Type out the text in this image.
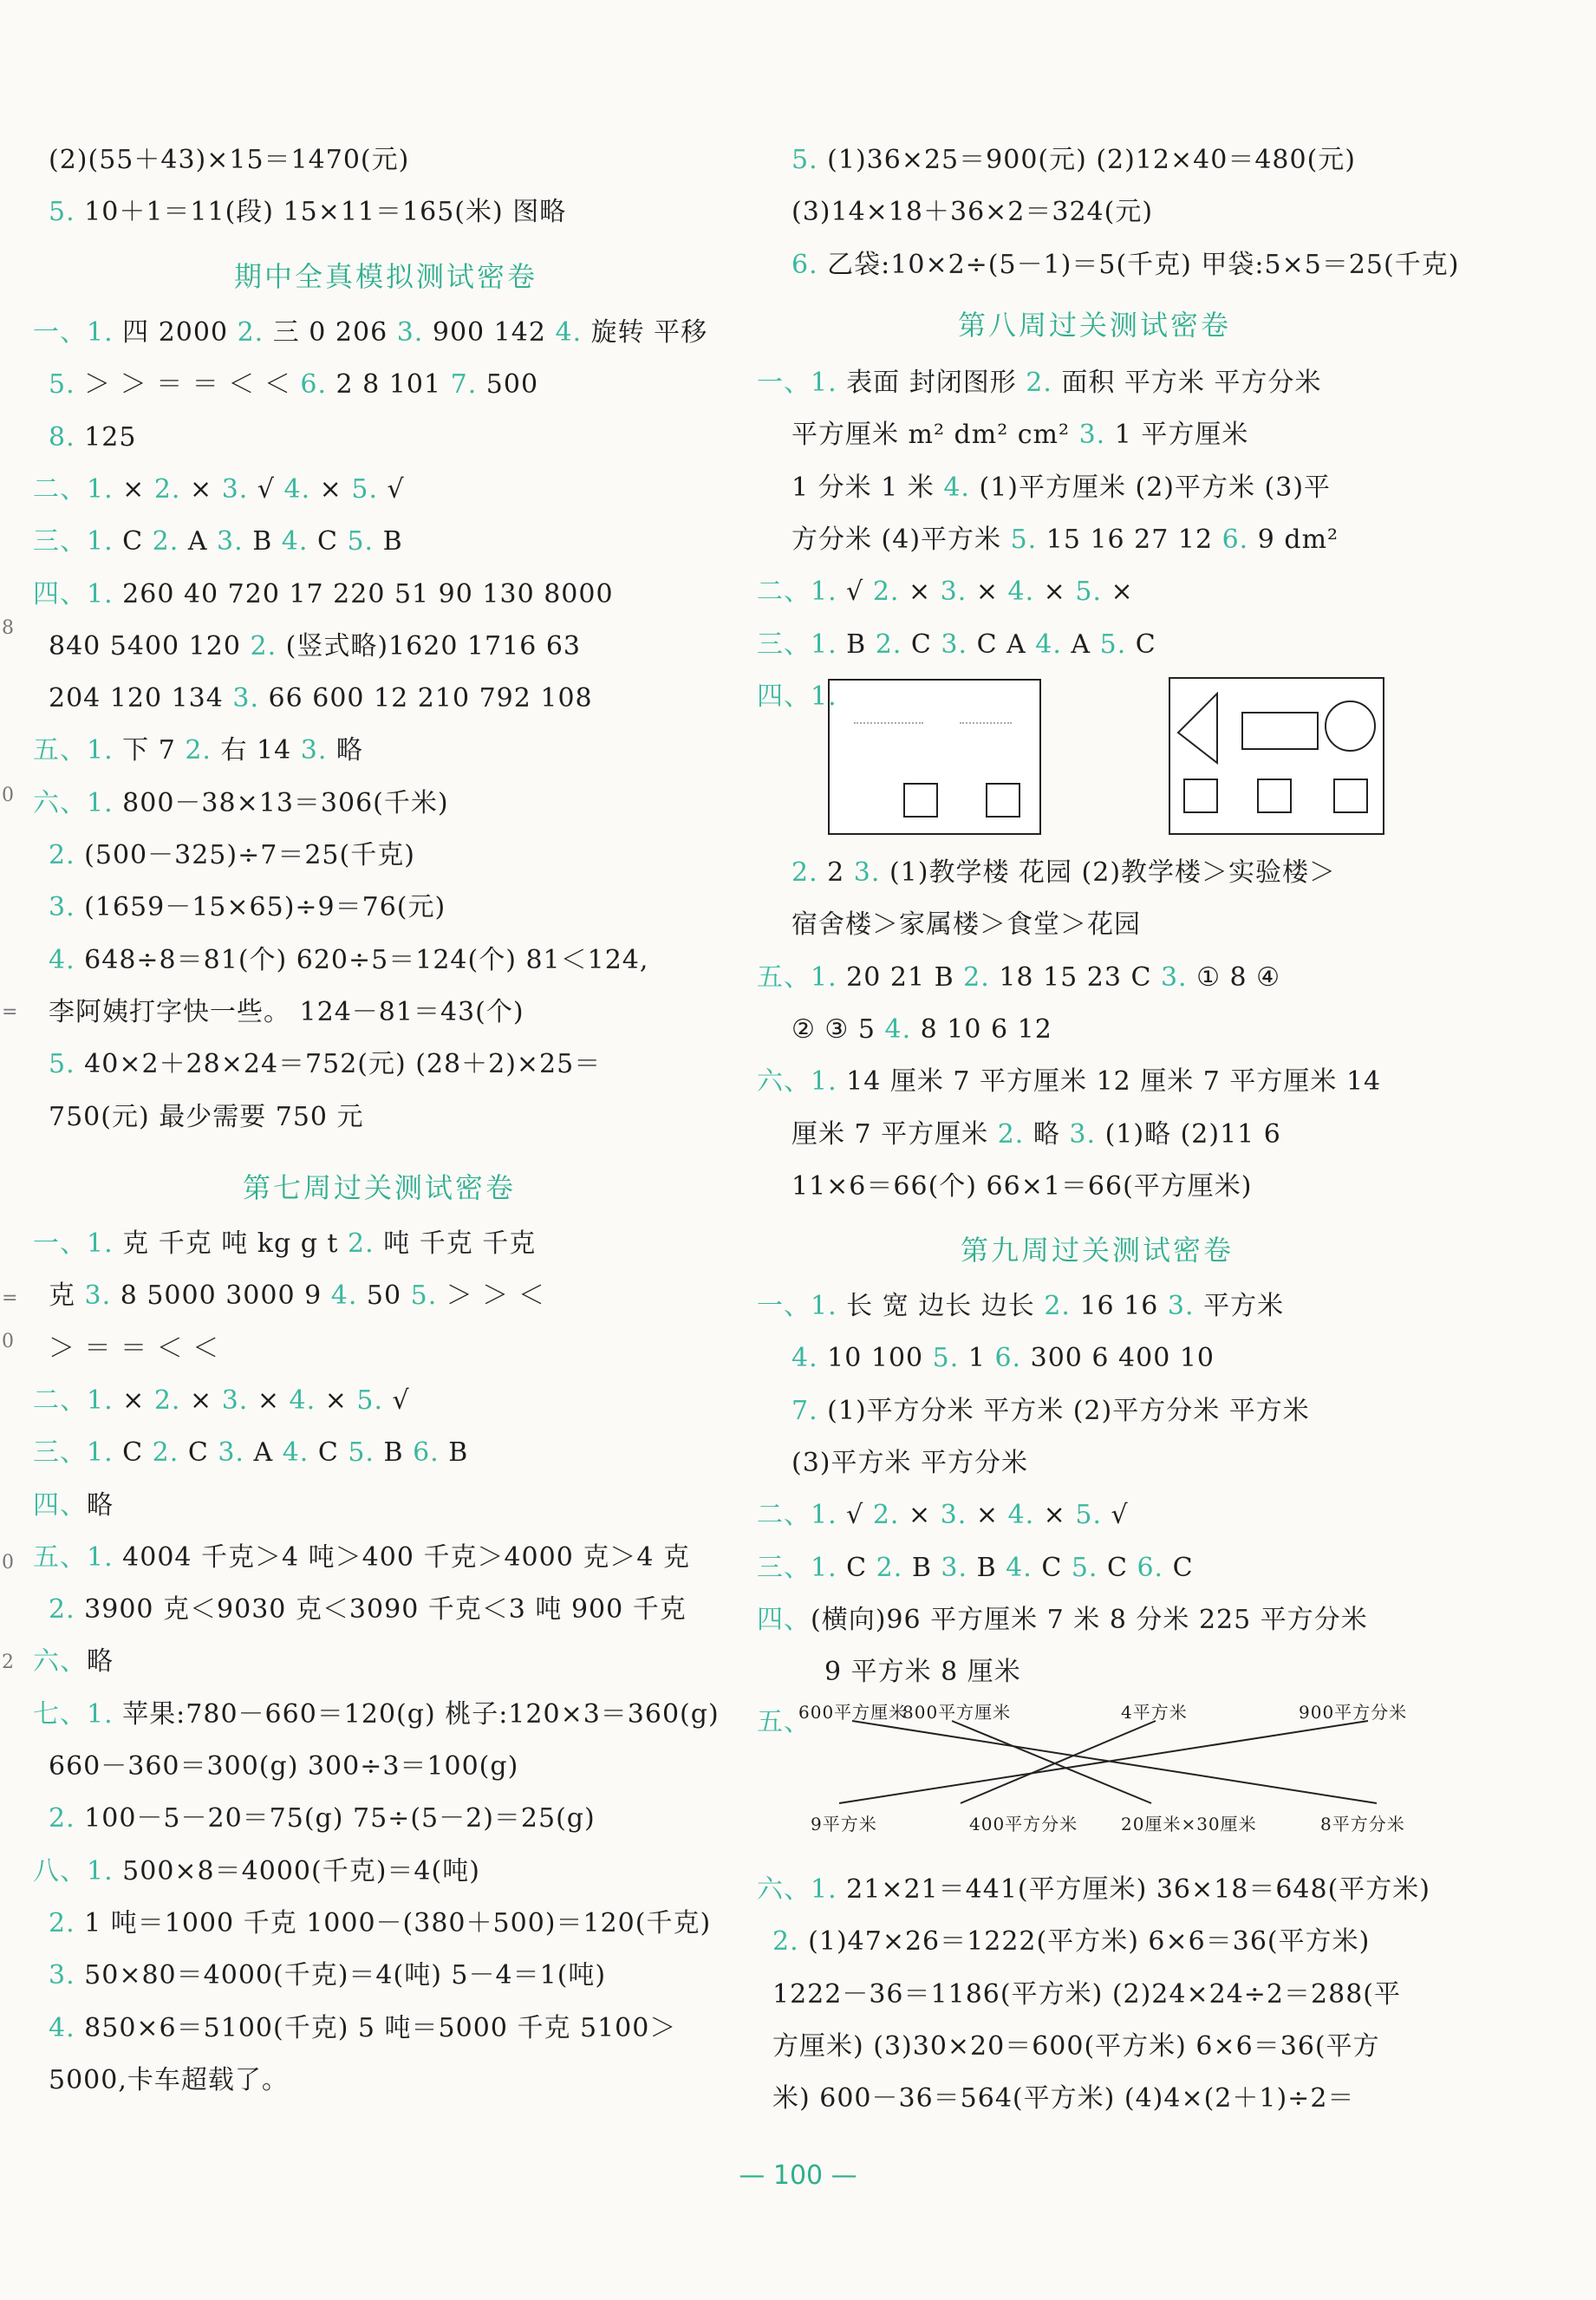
(2)(55＋43)×15＝1470(元)
5. 10＋1＝11(段) 15×11＝165(米) 图略
期中全真模拟测试密卷
一、1. 四 2000 2. 三 0 206 3. 900 142 4. 旋转 平移
5. ＞ ＞ ＝ ＝ ＜ ＜ 6. 2 8 101 7. 500
8. 125
二、1. × 2. × 3. √ 4. × 5. √
三、1. C 2. A 3. B 4. C 5. B
四、1. 260 40 720 17 220 51 90 130 8000
840 5400 120 2. (竖式略)1620 1716 63
204 120 134 3. 66 600 12 210 792 108
五、1. 下 7 2. 右 14 3. 略
六、1. 800－38×13＝306(千米)
2. (500－325)÷7＝25(千克)
3. (1659－15×65)÷9＝76(元)
4. 648÷8＝81(个) 620÷5＝124(个) 81＜124,
李阿姨打字快一些。 124－81＝43(个)
5. 40×2＋28×24＝752(元) (28＋2)×25＝
750(元) 最少需要 750 元
第七周过关测试密卷
一、1. 克 千克 吨 kg g t 2. 吨 千克 千克
克 3. 8 5000 3000 9 4. 50 5. ＞ ＞ ＜
＞ ＝ ＝ ＜ ＜
二、1. × 2. × 3. × 4. × 5. √
三、1. C 2. C 3. A 4. C 5. B 6. B
四、略
五、1. 4004 千克＞4 吨＞400 千克＞4000 克＞4 克
2. 3900 克＜9030 克＜3090 千克＜3 吨 900 千克
六、略
七、1. 苹果:780－660＝120(g) 桃子:120×3＝360(g)
660－360＝300(g) 300÷3＝100(g)
2. 100－5－20＝75(g) 75÷(5－2)＝25(g)
八、1. 500×8＝4000(千克)＝4(吨)
2. 1 吨＝1000 千克 1000－(380＋500)＝120(千克)
3. 50×80＝4000(千克)＝4(吨) 5－4＝1(吨)
4. 850×6＝5100(千克) 5 吨＝5000 千克 5100＞
5000,卡车超载了。
5. (1)36×25＝900(元) (2)12×40＝480(元)
(3)14×18＋36×2＝324(元)
6. 乙袋:10×2÷(5－1)＝5(千克) 甲袋:5×5＝25(千克)
第八周过关测试密卷
一、1. 表面 封闭图形 2. 面积 平方米 平方分米
平方厘米 m² dm² cm² 3. 1 平方厘米
1 分米 1 米 4. (1)平方厘米 (2)平方米 (3)平
方分米 (4)平方米 5. 15 16 27 12 6. 9 dm²
二、1. √ 2. × 3. × 4. × 5. ×
三、1. B 2. C 3. C A 4. A 5. C
四、1.
2. 2 3. (1)教学楼 花园 (2)教学楼＞实验楼＞
宿舍楼＞家属楼＞食堂＞花园
五、1. 20 21 B 2. 18 15 23 C 3. ① 8 ④
② ③ 5 4. 8 10 6 12
六、1. 14 厘米 7 平方厘米 12 厘米 7 平方厘米 14
厘米 7 平方厘米 2. 略 3. (1)略 (2)11 6
11×6＝66(个) 66×1＝66(平方厘米)
第九周过关测试密卷
一、1. 长 宽 边长 边长 2. 16 16 3. 平方米
4. 10 100 5. 1 6. 300 6 400 10
7. (1)平方分米 平方米 (2)平方分米 平方米
(3)平方米 平方分米
二、1. √ 2. × 3. × 4. × 5. √
三、1. C 2. B 3. B 4. C 5. C 6. C
四、(横向)96 平方厘米 7 米 8 分米 225 平方分米
9 平方米 8 厘米
五、
600平方厘米
800平方厘米	4平方米	900平方分米
9平方米	400平方分米 20厘米×30厘米	8平方分米
六、1. 21×21＝441(平方厘米) 36×18＝648(平方米)
2. (1)47×26＝1222(平方米) 6×6＝36(平方米)
1222－36＝1186(平方米) (2)24×24÷2＝288(平
方厘米) (3)30×20＝600(平方米) 6×6＝36(平方
米) 600－36＝564(平方米) (4)4×(2＋1)÷2＝
8
0
=
=
0
0
2
— 100 —
